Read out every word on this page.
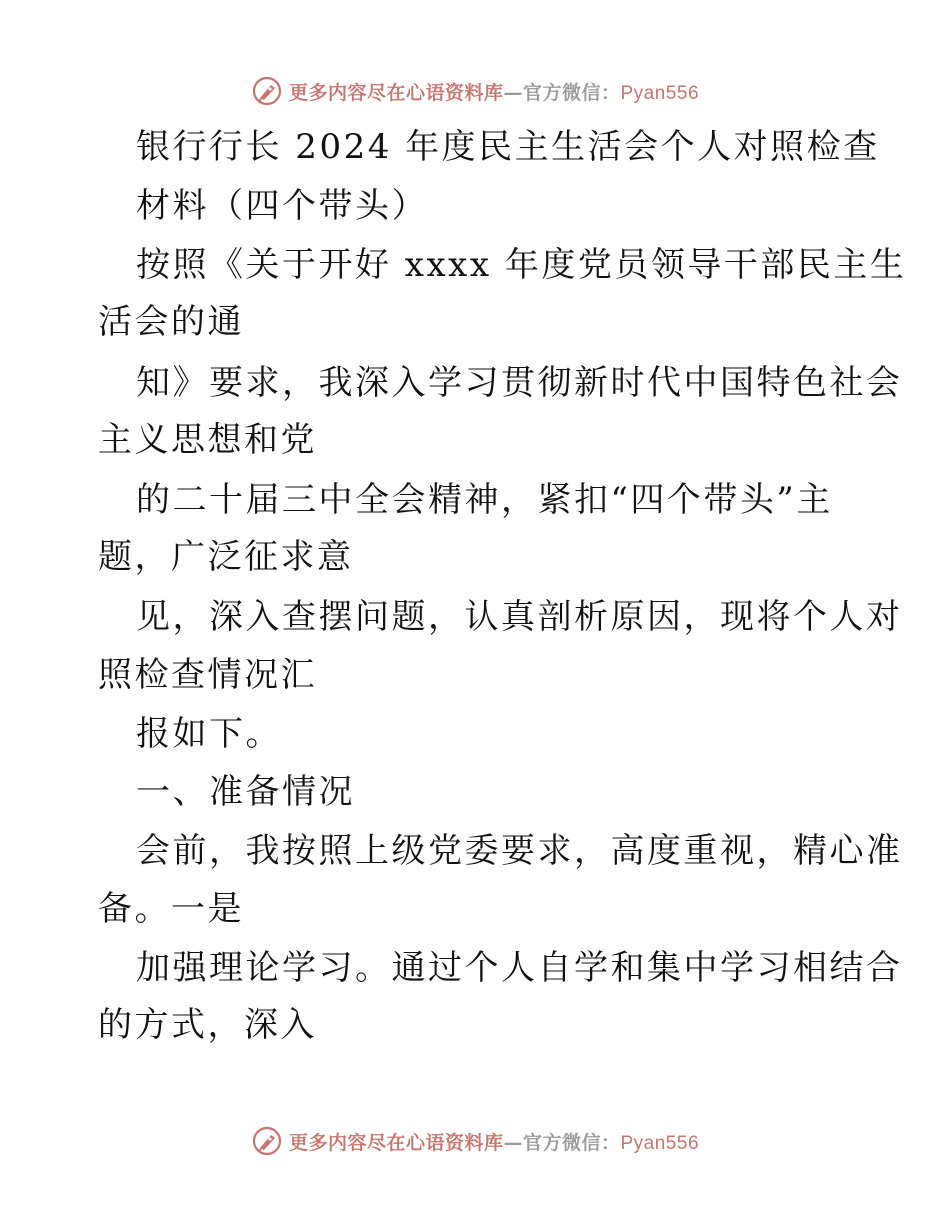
更多内容尽在心语资料库—官方微信：Pyan556
银行行长 2024 年度民主生活会个人对照检查
材料（四个带头）
按照《关于开好 xxxx 年度党员领导干部民主生
活会的通
知》要求，我深入学习贯彻新时代中国特色社会
主义思想和党
的二十届三中全会精神，紧扣“四个带头”主
题，广泛征求意
见，深入查摆问题，认真剖析原因，现将个人对
照检查情况汇
报如下。
一、准备情况
会前，我按照上级党委要求，高度重视，精心准
备。一是
加强理论学习。通过个人自学和集中学习相结合
的方式，深入
更多内容尽在心语资料库—官方微信：Pyan556
